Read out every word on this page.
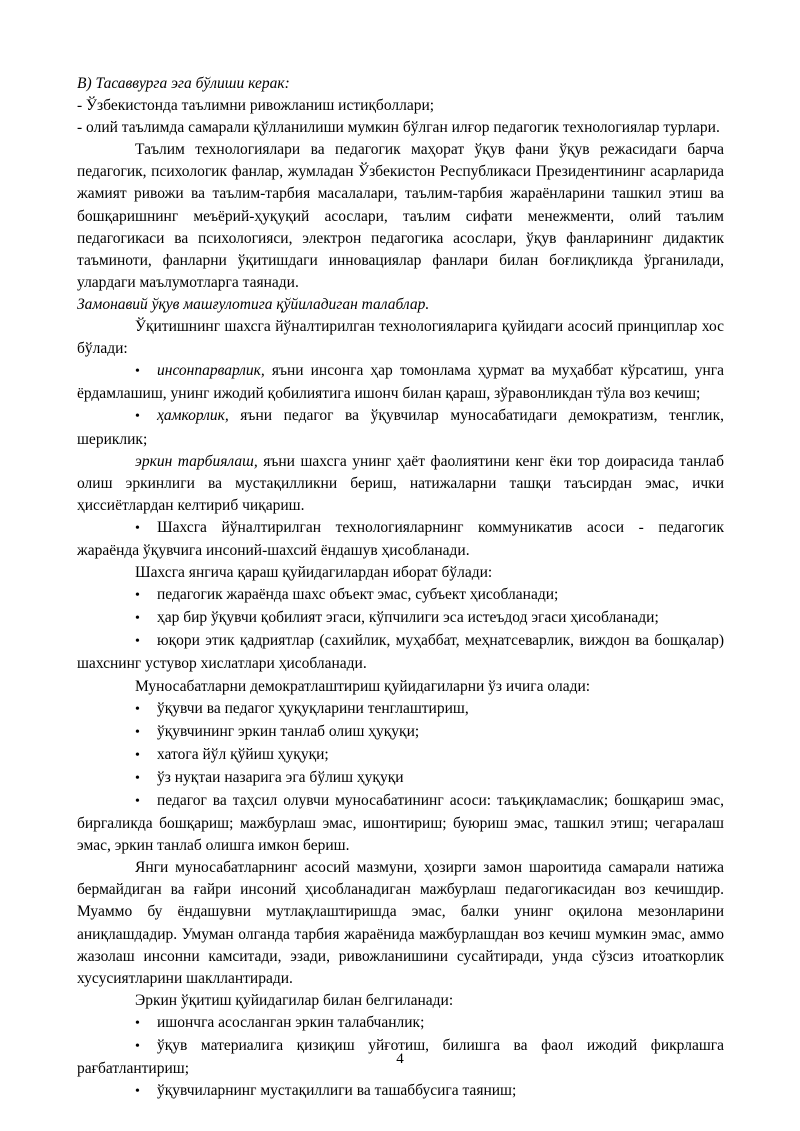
В) Тасаввурга эга бўлиши керак:

- Ўзбекистонда таълимни ривожланиш истиқболлари;

- олий таълимда самарали қўлланилиши мумкин бўлган илғор педагогик технологиялар турлари.

Таълим технологиялари ва педагогик маҳорат ўқув фани ўқув режасидаги барча педагогик, психологик фанлар, жумладан Ўзбекистон Республикаси Президентининг асарларида жамият ривожи ва таълим-тарбия масалалари, таълим-тарбия жараёнларини ташкил этиш ва бошқаришнинг меъёрий-ҳуқуқий асослари, таълим сифати менежменти, олий таълим педагогикаси ва психологияси, электрон педагогика асослари, ўқув фанларининг дидактик таъминоти, фанларни ўқитишдаги инновациялар фанлари билан боғлиқликда ўрганилади, улардаги маълумотларга таянади.

Замонавий ўқув машғулотига қўйиладиган талаблар.

Ўқитишнинг шахсга йўналтирилган технологияларига қуйидаги асосий принциплар хос бўлади:

• инсонпарварлик, яъни инсонга ҳар томонлама ҳурмат ва муҳаббат кўрсатиш, унга ёрдамлашиш, унинг ижодий қобилиятига ишонч билан қараш, зўравонликдан тўла воз кечиш;

• ҳамкорлик, яъни педагог ва ўқувчилар муносабатидаги демократизм, тенглик, шериклик;

эркин тарбиялаш, яъни шахсга унинг ҳаёт фаолиятини кенг ёки тор доирасида танлаб олиш эркинлиги ва мустақилликни бериш, натижаларни ташқи таъсирдан эмас, ички ҳиссиётлардан келтириб чиқариш.

• Шахсга йўналтирилган технологияларнинг коммуникатив асоси - педагогик жараёнда ўқувчига инсоний-шахсий ёндашув ҳисобланади.

Шахсга янгича қараш қуйидагилардан иборат бўлади:

• педагогик жараёнда шахс объект эмас, субъект ҳисобланади;

• ҳар бир ўқувчи қобилият эгаси, кўпчилиги эса истеъдод эгаси ҳисобланади;

• юқори этик қадриятлар (сахийлик, муҳаббат, меҳнатсеварлик, виждон ва бошқалар) шахснинг устувор хислатлари ҳисобланади.

Муносабатларни демократлаштириш қуйидагиларни ўз ичига олади:

• ўқувчи ва педагог ҳуқуқларини тенглаштириш,

• ўқувчининг эркин танлаб олиш ҳуқуқи;

• хатога йўл қўйиш ҳуқуқи;

• ўз нуқтаи назарига эга бўлиш ҳуқуқи

• педагог ва таҳсил олувчи муносабатининг асоси: таъқиқламаслик; бошқариш эмас, биргаликда бошқариш; мажбурлаш эмас, ишонтириш; буюриш эмас, ташкил этиш; чегаралаш эмас, эркин танлаб олишга имкон бериш.

Янги муносабатларнинг асосий мазмуни, ҳозирги замон шароитида самарали натижа бермайдиган ва ғайри инсоний ҳисобланадиган мажбурлаш педагогикасидан воз кечишдир. Муаммо бу ёндашувни мутлақлаштиришда эмас, балки унинг оқилона мезонларини аниқлашдадир. Умуман олганда тарбия жараёнида мажбурлашдан воз кечиш мумкин эмас, аммо жазолаш инсонни камситади, эзади, ривожланишини сусайтиради, унда сўзсиз итоаткорлик хусусиятларини шакллантиради.

Эркин ўқитиш қуйидагилар билан белгиланади:

• ишончга асосланган эркин талабчанлик;

• ўқув материалига қизиқиш уйғотиш, билишга ва фаол ижодий фикрлашга рағбатлантириш;

• ўқувчиларнинг мустақиллиги ва ташаббусига таяниш;

4
